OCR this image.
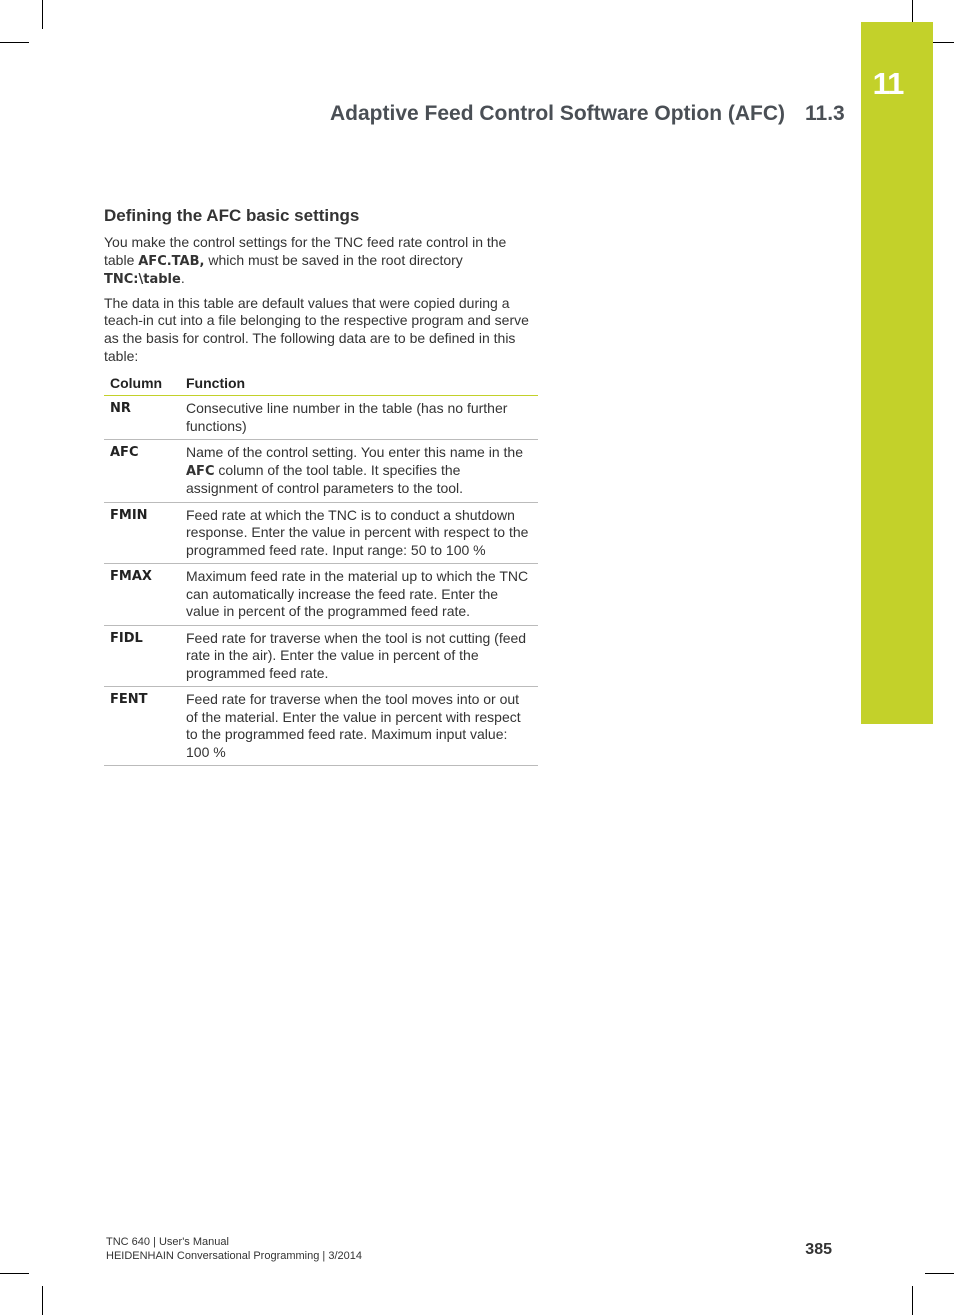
11
Adaptive Feed Control Software Option (AFC) 11.3
Defining the AFC basic settings

You make the control settings for the TNC feed rate control in the table AFC.TAB, which must be saved in the root directory TNC:\table.

The data in this table are default values that were copied during a teach-in cut into a file belonging to the respective program and serve as the basis for control. The following data are to be defined in this table:

Column	Function
NR	Consecutive line number in the table (has no further functions)
AFC	Name of the control setting. You enter this name in the AFC column of the tool table. It specifies the assignment of control parameters to the tool.
FMIN	Feed rate at which the TNC is to conduct a shutdown response. Enter the value in percent with respect to the programmed feed rate. Input range: 50 to 100 %
FMAX	Maximum feed rate in the material up to which the TNC can automatically increase the feed rate. Enter the value in percent of the programmed feed rate.
FIDL	Feed rate for traverse when the tool is not cutting (feed rate in the air). Enter the value in percent of the programmed feed rate.
FENT	Feed rate for traverse when the tool moves into or out of the material. Enter the value in percent with respect to the programmed feed rate. Maximum input value: 100 %
TNC 640 | User's Manual
HEIDENHAIN Conversational Programming | 3/2014	385
